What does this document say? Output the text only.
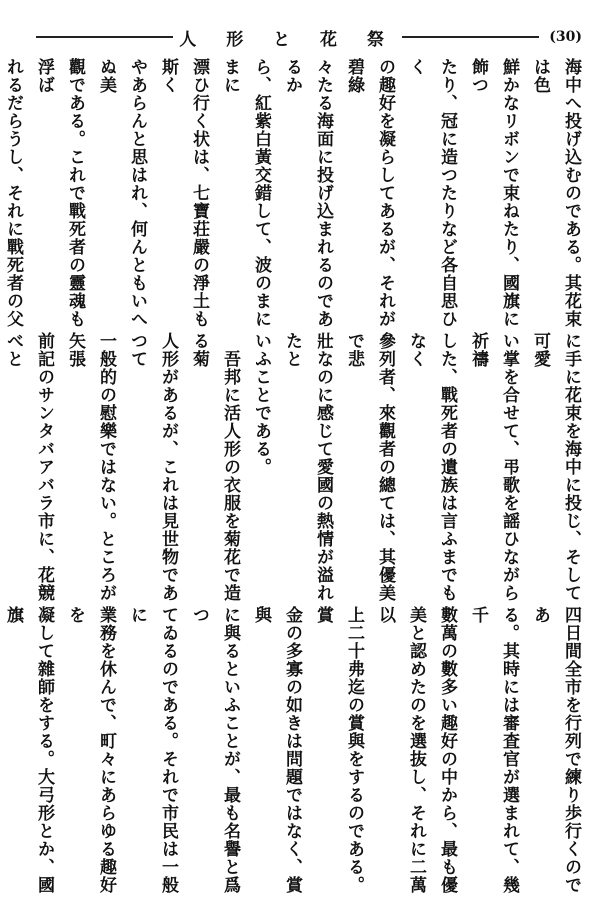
人 形 と 花 祭	(30)
海中へ投げ込むのである。其花束は色
鮮かなリボンで束ねたり、國旗に飾つ
たり、冠に造つたりなど各自思ひく
の趣好を凝らしてあるが、それが碧綠
々たる海面に投げ込まれるのであるか
ら、紅紫白黃交錯して、波のまにまに
漂ひ行く状は、七寶荘嚴の淨土も斯く
やあらんと思はれ、何んともいへぬ美
觀である。これで戰死者の靈魂も浮ば
れるだらうし、それに戰死者の父
に手に花束を海中に投じ、そして可愛
い掌を合せて、弔歌を謡ひながら祈禱
した、戰死者の遺族は言ふまでもなく
參列者、來觀者の總ては、其優美で悲
壯なのに感じて愛國の熱情が溢れたと
いふことである。
　吾邦に活人形の衣服を菊花で造る菊
人形があるが、これは見世物であつて
一般的の慰樂ではない。ところが矢張
前記のサンタバアバラ市に、花競べと
四日間全市を行列で練り歩行くのであ
る。其時には審査官が選まれて、幾千
數萬の數多い趣好の中から、最も優
美と認めたのを選抜し、それに二萬以
上二十弗迄の賞與をするのである。賞
金の多寡の如きは問題ではなく、賞與
に與るといふことが、最も名譽と爲つ
てゐるのである。それで市民は一般に
業務を休んで、町々にあらゆる趣好を
凝して雜師をする。大弓形とか、國旗
